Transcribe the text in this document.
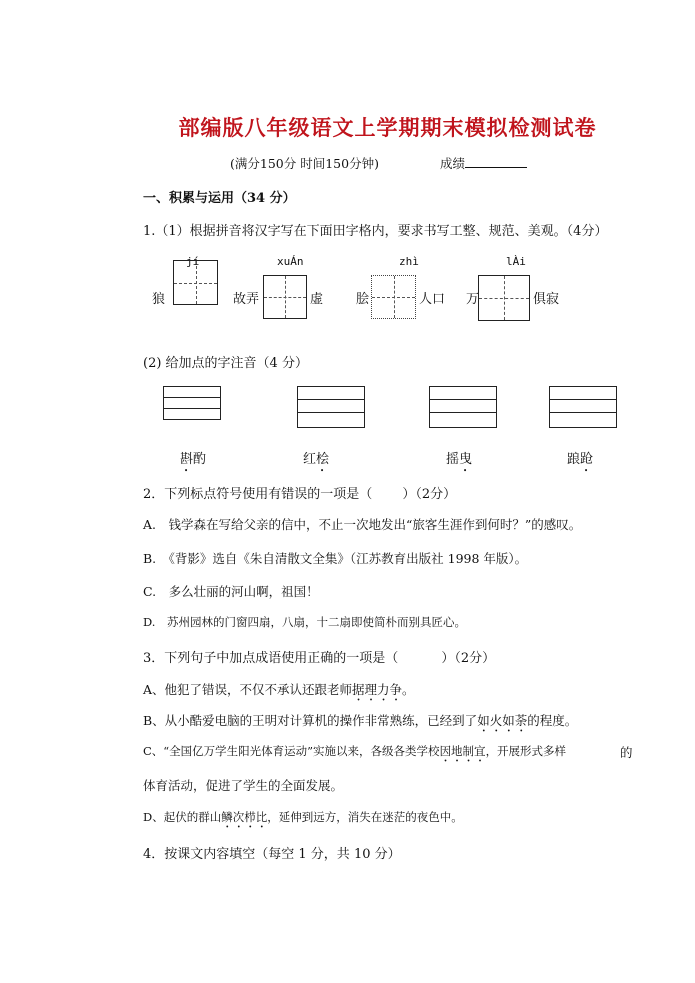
部编版八年级语文上学期期末模拟检测试卷
(满分150分 时间150分钟)	成绩
一、积累与运用（34 分）
1.（1）根据拼音将汉字写在下面田字格内，要求书写工整、规范、美观。（4分）
jí
狼
xuÁn
故弄	虚
zhì
脍	人口
lÀi
万	俱寂
(2) 给加点的字注音（4 分）
斟酌	红桧	摇曳	踉跄
2．下列标点符号使用有错误的一项是（　　 ）（2分）
A.　钱学森在写给父亲的信中，不止一次地发出“旅客生涯作到何时？”的感叹。
B.　《背影》选自《朱自清散文全集》（江苏教育出版社 1998 年版）。
C.　多么壮丽的河山啊，祖国！
D.　苏州园林的门窗四扇，八扇，十二扇即使简朴而别具匠心。
3．下列句子中加点成语使用正确的一项是（　　　 ）（2分）
A、他犯了错误，不仅不承认还跟老师据理力争。
B、从小酷爱电脑的王明对计算机的操作非常熟练，已经到了如火如荼的程度。
C、“全国亿万学生阳光体育运动”实施以来，各级各类学校因地制宜，开展形式多样	的
体育活动，促进了学生的全面发展。
D、起伏的群山鳞次栉比，延伸到远方，消失在迷茫的夜色中。
4．按课文内容填空（每空 1 分，共 10 分）
